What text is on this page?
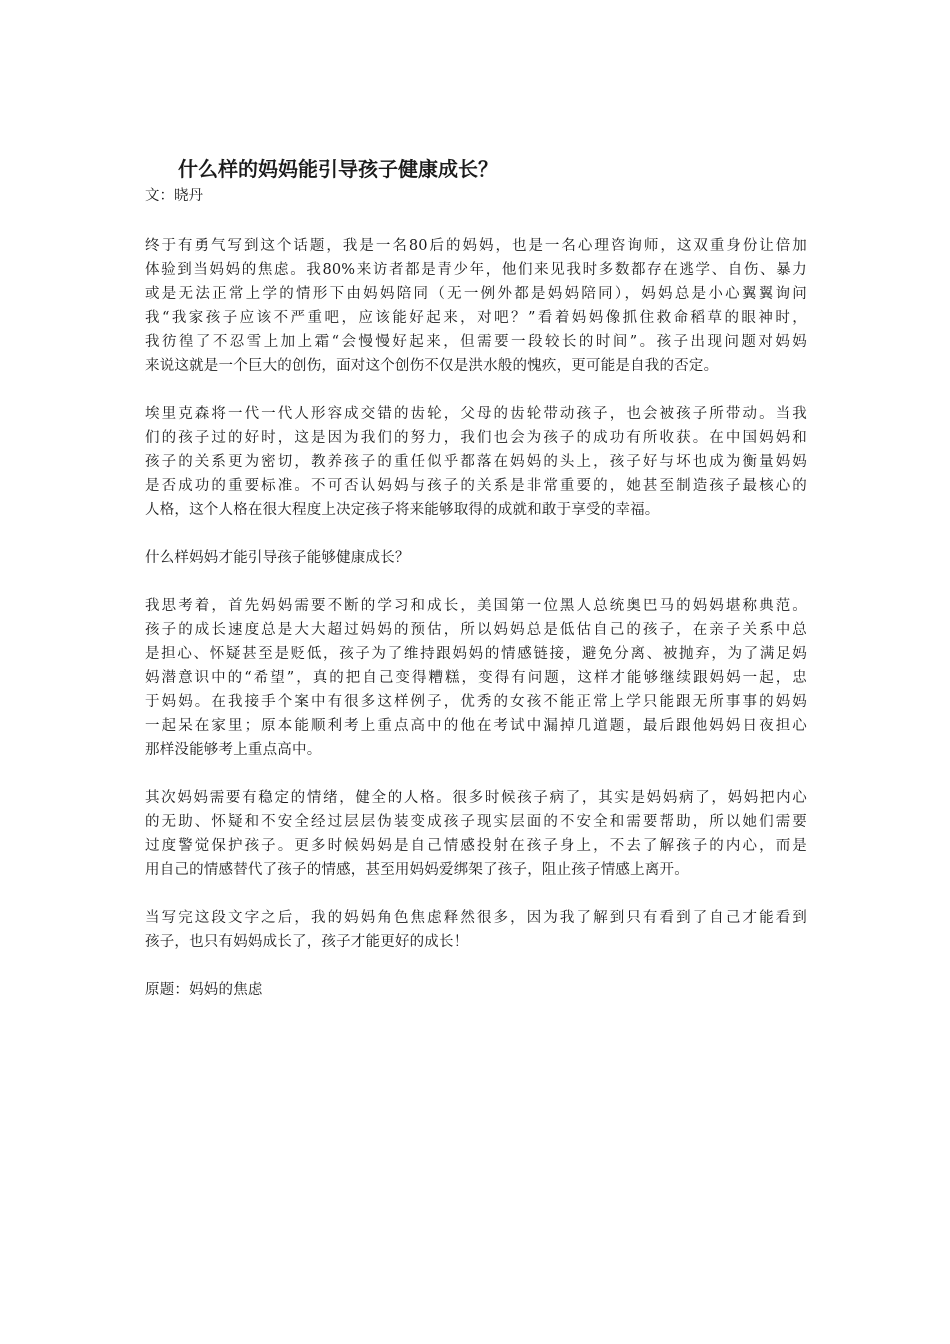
什么样的妈妈能引导孩子健康成长？

文：晓丹

终于有勇气写到这个话题，我是一名80后的妈妈，也是一名心理咨询师，这双重身份让倍加
体验到当妈妈的焦虑。我80%来访者都是青少年，他们来见我时多数都存在逃学、自伤、暴力
或是无法正常上学的情形下由妈妈陪同（无一例外都是妈妈陪同），妈妈总是小心翼翼询问
我“我家孩子应该不严重吧，应该能好起来，对吧？”看着妈妈像抓住救命稻草的眼神时，
我彷徨了不忍雪上加上霜“会慢慢好起来，但需要一段较长的时间”。孩子出现问题对妈妈
来说这就是一个巨大的创伤，面对这个创伤不仅是洪水般的愧疚，更可能是自我的否定。

埃里克森将一代一代人形容成交错的齿轮，父母的齿轮带动孩子，也会被孩子所带动。当我
们的孩子过的好时，这是因为我们的努力，我们也会为孩子的成功有所收获。在中国妈妈和
孩子的关系更为密切，教养孩子的重任似乎都落在妈妈的头上，孩子好与坏也成为衡量妈妈
是否成功的重要标准。不可否认妈妈与孩子的关系是非常重要的，她甚至制造孩子最核心的
人格，这个人格在很大程度上决定孩子将来能够取得的成就和敢于享受的幸福。

什么样妈妈才能引导孩子能够健康成长？

我思考着，首先妈妈需要不断的学习和成长，美国第一位黑人总统奥巴马的妈妈堪称典范。
孩子的成长速度总是大大超过妈妈的预估，所以妈妈总是低估自己的孩子，在亲子关系中总
是担心、怀疑甚至是贬低，孩子为了维持跟妈妈的情感链接，避免分离、被抛弃，为了满足妈
妈潜意识中的“希望”，真的把自己变得糟糕，变得有问题，这样才能够继续跟妈妈一起，忠
于妈妈。在我接手个案中有很多这样例子，优秀的女孩不能正常上学只能跟无所事事的妈妈
一起呆在家里；原本能顺利考上重点高中的他在考试中漏掉几道题，最后跟他妈妈日夜担心
那样没能够考上重点高中。

其次妈妈需要有稳定的情绪，健全的人格。很多时候孩子病了，其实是妈妈病了，妈妈把内心
的无助、怀疑和不安全经过层层伪装变成孩子现实层面的不安全和需要帮助，所以她们需要
过度警觉保护孩子。更多时候妈妈是自己情感投射在孩子身上，不去了解孩子的内心，而是
用自己的情感替代了孩子的情感，甚至用妈妈爱绑架了孩子，阻止孩子情感上离开。

当写完这段文字之后，我的妈妈角色焦虑释然很多，因为我了解到只有看到了自己才能看到
孩子，也只有妈妈成长了，孩子才能更好的成长！

原题：妈妈的焦虑
